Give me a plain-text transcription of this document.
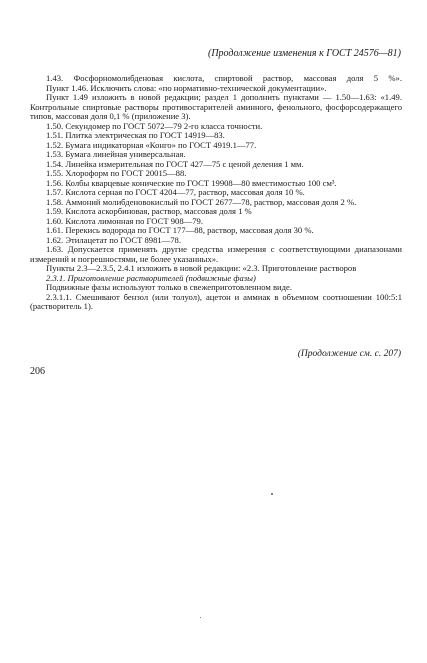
(Продолжение изменения к ГОСТ 24576—81)

1.43. Фосфорномолибденовая кислота, спиртовой раствор, массовая доля 5 %».

Пункт 1.46. Исключить слова: «по нормативно-технической документации».

Пункт 1.49 изложить в новой редакции; раздел 1 дополнить пунктами — 1.50—1.63: «1.49. Контрольные спиртовые растворы противостарителей аминного, фенольного, фосфорсодержащего типов, массовая доля 0,1 % (приложение 3).

1.50. Секундомер по ГОСТ 5072—79 2-го класса точности.

1.51. Плитка электрическая по ГОСТ 14919—83.

1.52. Бумага индикаторная «Конго» по ГОСТ 4919.1—77.

1.53. Бумага линейная универсальная.

1.54. Линейка измерительная по ГОСТ 427—75 с ценой деления 1 мм.

1.55. Хлороформ по ГОСТ 20015—88.

1.56. Колбы кварцевые конические по ГОСТ 19908—80 вместимостью 100 см³.

1.57. Кислота серная по ГОСТ 4204—77, раствор, массовая доля 10 %.

1.58. Аммоний молибденовокислый по ГОСТ 2677—78, раствор, массовая доля 2 %.

1.59. Кислота аскорбиновая, раствор, массовая доля 1 %

1.60. Кислота лимонная по ГОСТ 908—79.

1.61. Перекись водорода по ГОСТ 177—88, раствор, массовая доля 30 %.

1.62. Этилацетат по ГОСТ 8981—78.

1.63. Допускается применять другие средства измерения с соответствующими диапазонами измерений и погрешностями, не более указанных».

Пункты 2.3—2.3.5, 2.4.1 изложить в новой редакции: «2.3. Приготовление растворов

2.3.1. Приготовление растворителей (подвижные фазы)

Подвижные фазы используют только в свежеприготовленном виде.

2.3.1.1. Смешивают бензол (или толуол), ацетон и аммиак в объемном соотношении 100:5:1 (растворитель 1).

(Продолжение см. с. 207)
206
